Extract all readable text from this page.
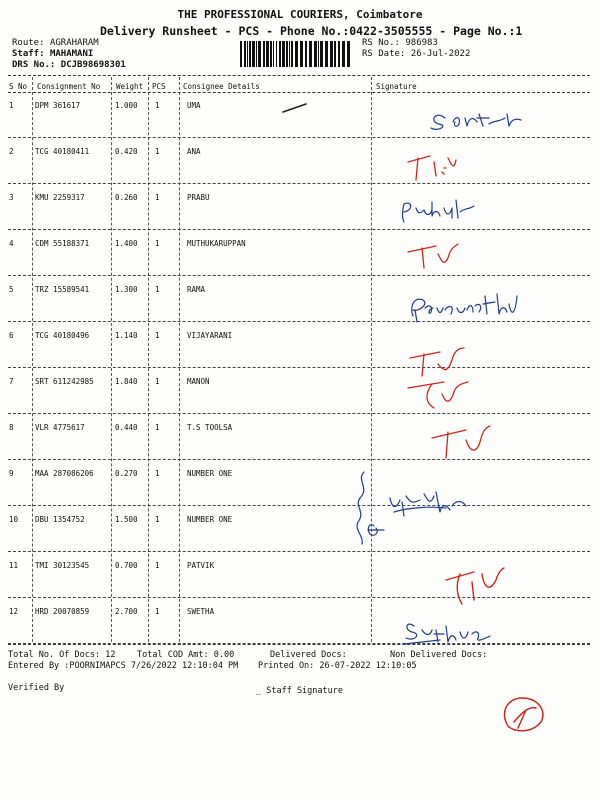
THE PROFESSIONAL COURIERS, Coimbatore
Delivery Runsheet - PCS - Phone No.:0422-3505555 - Page No.:1
Route: AGRAHARAM
Staff: MAHAMANI
DRS No.: DCJB98698301
RS No.: 986983
RS Date: 26-Jul-2022
S No Consignment No Weight PCS Consignee Details	Signature
1	DPM 361617	1.000 1	UMA
2	TCG 40180411	0.420 1	ANA
3	KMU 2259317	0.260 1	PRABU
4	CDM 55188371	1.400 1	MUTHUKARUPPAN
5	TRZ 15589541	1.300 1	RAMA
6	TCG 40180496	1.140 1	VIJAYARANI
7	SRT 611242985	1.840 1	MANON
8	VLR 4775617	0.440 1	T.S TOOLSA
9	MAA 287086206	0.270 1	NUMBER ONE
10 DBU 1354752	1.500 1	NUMBER ONE
11 TMI 30123545	0.700 1	PATVIK
12 HRD 20070859	2.700 1	SWETHA
Total No. Of Docs: 12	Total COD Amt: 0.00	Delivered Docs:	Non Delivered Docs:
Entered By :POORNIMAPCS 7/26/2022 12:10:04 PM Printed On: 26-07-2022 12:10:05
Verified By	_ Staff Signature
